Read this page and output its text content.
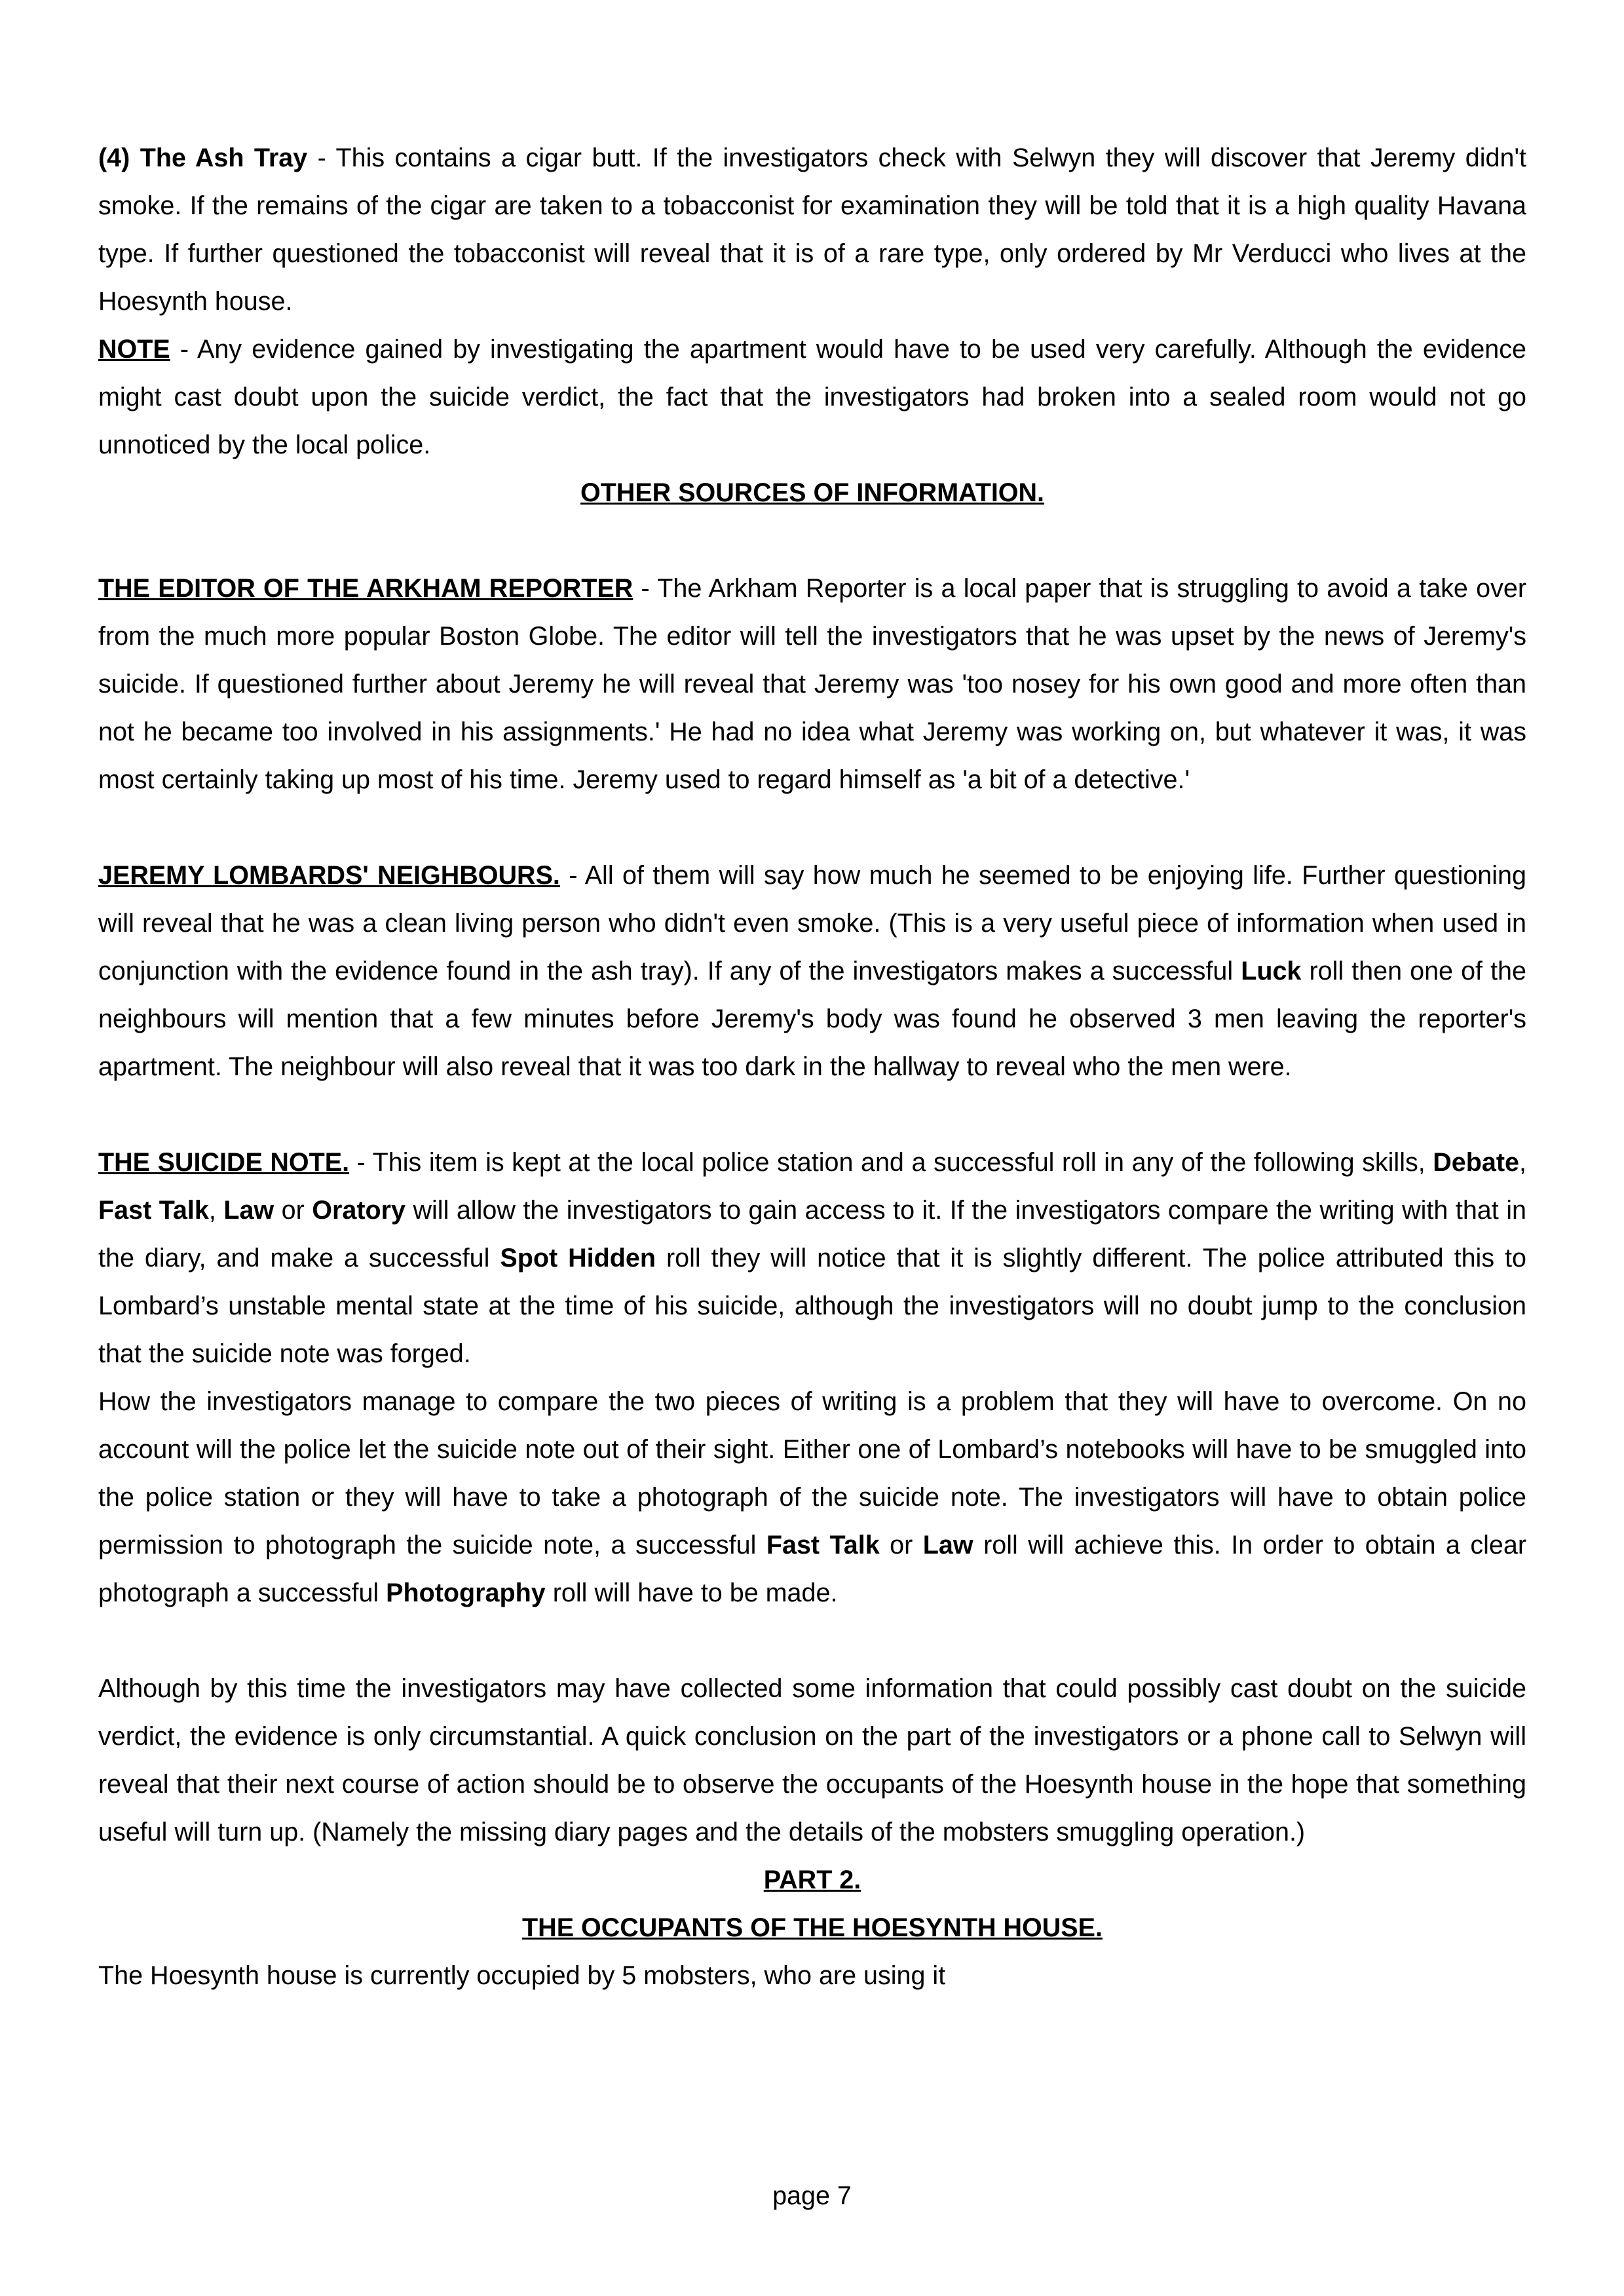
(4) The Ash Tray - This contains a cigar butt. If the investigators check with Selwyn they will discover that Jeremy didn't smoke. If the remains of the cigar are taken to a tobacconist for examination they will be told that it is a high quality Havana type. If further questioned the tobacconist will reveal that it is of a rare type, only ordered by Mr Verducci who lives at the Hoesynth house.

NOTE - Any evidence gained by investigating the apartment would have to be used very carefully. Although the evidence might cast doubt upon the suicide verdict, the fact that the investigators had broken into a sealed room would not go unnoticed by the local police.

OTHER SOURCES OF INFORMATION.

THE EDITOR OF THE ARKHAM REPORTER - The Arkham Reporter is a local paper that is struggling to avoid a take over from the much more popular Boston Globe. The editor will tell the investigators that he was upset by the news of Jeremy's suicide. If questioned further about Jeremy he will reveal that Jeremy was 'too nosey for his own good and more often than not he became too involved in his assignments.' He had no idea what Jeremy was working on, but whatever it was, it was most certainly taking up most of his time. Jeremy used to regard himself as 'a bit of a detective.'

JEREMY LOMBARDS' NEIGHBOURS. - All of them will say how much he seemed to be enjoying life. Further questioning will reveal that he was a clean living person who didn't even smoke. (This is a very useful piece of information when used in conjunction with the evidence found in the ash tray). If any of the investigators makes a successful Luck roll then one of the neighbours will mention that a few minutes before Jeremy's body was found he observed 3 men leaving the reporter's apartment. The neighbour will also reveal that it was too dark in the hallway to reveal who the men were.

THE SUICIDE NOTE. - This item is kept at the local police station and a successful roll in any of the following skills, Debate, Fast Talk, Law or Oratory will allow the investigators to gain access to it. If the investigators compare the writing with that in the diary, and make a successful Spot Hidden roll they will notice that it is slightly different. The police attributed this to Lombard’s unstable mental state at the time of his suicide, although the investigators will no doubt jump to the conclusion that the suicide note was forged.

How the investigators manage to compare the two pieces of writing is a problem that they will have to overcome. On no account will the police let the suicide note out of their sight. Either one of Lombard’s notebooks will have to be smuggled into the police station or they will have to take a photograph of the suicide note. The investigators will have to obtain police permission to photograph the suicide note, a successful Fast Talk or Law roll will achieve this. In order to obtain a clear photograph a successful Photography roll will have to be made.

Although by this time the investigators may have collected some information that could possibly cast doubt on the suicide verdict, the evidence is only circumstantial. A quick conclusion on the part of the investigators or a phone call to Selwyn will reveal that their next course of action should be to observe the occupants of the Hoesynth house in the hope that something useful will turn up. (Namely the missing diary pages and the details of the mobsters smuggling operation.)

PART 2.

THE OCCUPANTS OF THE HOESYNTH HOUSE.

The Hoesynth house is currently occupied by 5 mobsters, who are using it

page 7
